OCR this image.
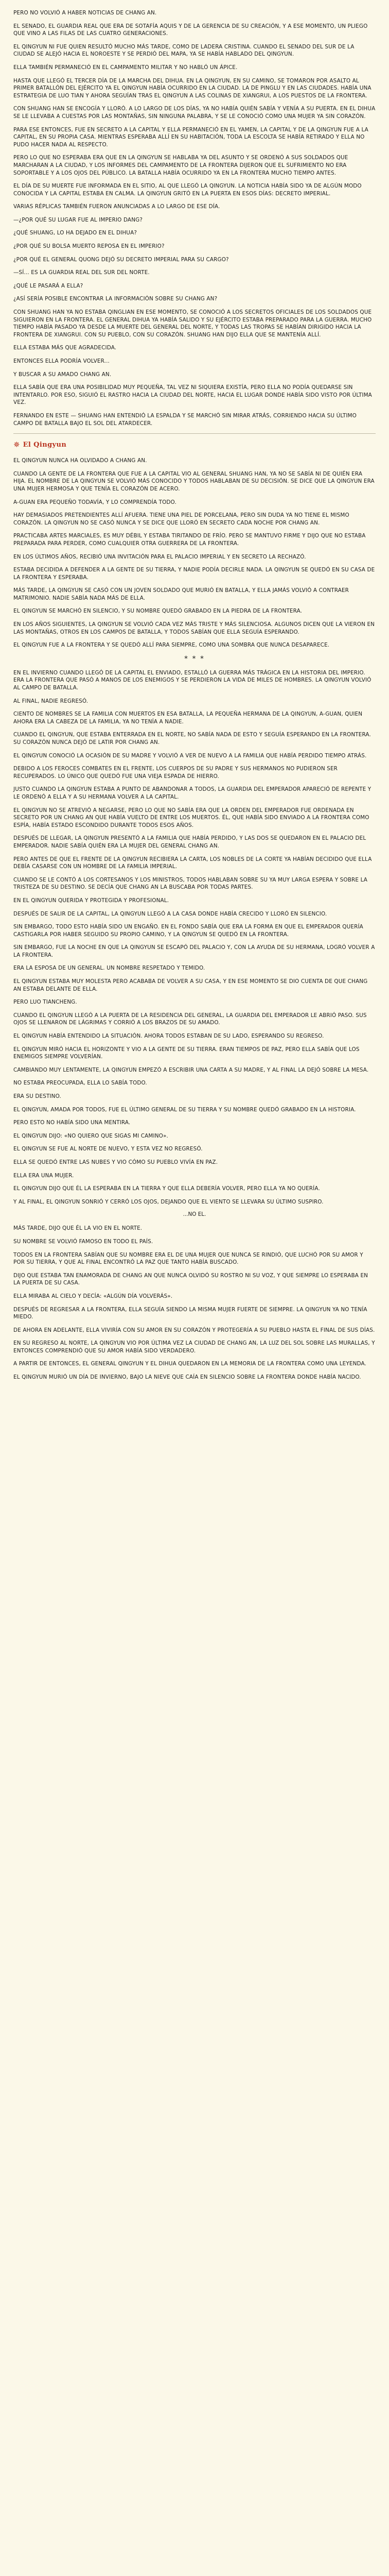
PERO NO VOLVIÓ A HABER NOTICIAS DE CHANG AN.

EL SENADO, EL GUARDIA REAL QUE ERA DE SOTAFÍA AQUIS Y DE LA GERENCIA DE SU CREACIÓN, Y A ESE MOMENTO, UN PLIEGO QUE VINO A LAS FILAS DE LAS CUATRO GENERACIONES.

EL QINGYUN NI FUE QUIEN RESULTÓ MUCHO MÁS TARDE, COMO DE LADERA CRISTINA. CUANDO EL SENADO DEL SUR DE LA CIUDAD SE ALEJÓ HACIA EL NOROESTE Y SE PERDIÓ DEL MAPA, YA SE HABÍA HABLADO DEL QINGYUN.

ELLA TAMBIÉN PERMANECIÓ EN EL CAMPAMENTO MILITAR Y NO HABLÓ UN ÁPICE.

HASTA QUE LLEGÓ EL TERCER DÍA DE LA MARCHA DEL DIHUA. EN LA QINGYUN, EN SU CAMINO, SE TOMARON POR ASALTO AL PRIMER BATALLÓN DEL EJÉRCITO YA EL QINGYUN HABÍA OCURRIDO EN LA CIUDAD. LA DE PINGLU Y EN LAS CIUDADES. HABÍA UNA ESTRATEGIA DE LUO TIAN Y AHORA SEGUÍAN TRAS EL QINGYUN A LAS COLINAS DE XIANGRUI, A LOS PUESTOS DE LA FRONTERA.

CON SHUANG HAN SE ENCOGÍA Y LLORÓ. A LO LARGO DE LOS DÍAS, YA NO HABÍA QUIÉN SABÍA Y VENÍA A SU PUERTA. EN EL DIHUA SE LE LLEVABA A CUESTAS POR LAS MONTAÑAS, SIN NINGUNA PALABRA, Y SE LE CONOCIÓ COMO UNA MUJER YA SIN CORAZÓN.

PARA ESE ENTONCES, FUE EN SECRETO A LA CAPITAL Y ELLA PERMANECIÓ EN EL YAMEN, LA CAPITAL Y DE LA QINGYUN FUE A LA CAPITAL, EN SU PROPIA CASA. MIENTRAS ESPERABA ALLÍ EN SU HABITACIÓN, TODA LA ESCOLTA SE HABÍA RETIRADO Y ELLA NO PUDO HACER NADA AL RESPECTO.

PERO LO QUE NO ESPERABA ERA QUE EN LA QINGYUN SE HABLABA YA DEL ASUNTO Y SE ORDENÓ A SUS SOLDADOS QUE MARCHARAN A LA CIUDAD, Y LOS INFORMES DEL CAMPAMENTO DE LA FRONTERA DIJERON QUE EL SUFRIMIENTO NO ERA SOPORTABLE Y A LOS OJOS DEL PÚBLICO. LA BATALLA HABÍA OCURRIDO YA EN LA FRONTERA MUCHO TIEMPO ANTES.

EL DÍA DE SU MUERTE FUE INFORMADA EN EL SITIO, AL QUE LLEGÓ LA QINGYUN. LA NOTICIA HABÍA SIDO YA DE ALGÚN MODO CONOCIDA Y LA CAPITAL ESTABA EN CALMA. LA QINGYUN GRITÓ EN LA PUERTA EN ESOS DÍAS: DECRETO IMPERIAL.

VARIAS RÉPLICAS TAMBIÉN FUERON ANUNCIADAS A LO LARGO DE ESE DÍA.

—¿POR QUÉ SU LUGAR FUE AL IMPERIO DANG?

¿QUÉ SHUANG, LO HA DEJADO EN EL DIHUA?

¿POR QUÉ SU BOLSA MUERTO REPOSA EN EL IMPERIO?

¿POR QUÉ EL GENERAL QUONG DEJÓ SU DECRETO IMPERIAL PARA SU CARGO?

—SÍ... ES LA GUARDIA REAL DEL SUR DEL NORTE.

¿QUÉ LE PASARÁ A ELLA?

¿ASÍ SERÍA POSIBLE ENCONTRAR LA INFORMACIÓN SOBRE SU CHANG AN?

CON SHUANG HAN YA NO ESTABA QINGLIAN EN ESE MOMENTO, SE CONOCIÓ A LOS SECRETOS OFICIALES DE LOS SOLDADOS QUE SIGUIERON EN LA FRONTERA. EL GENERAL DIHUA YA HABÍA SALIDO Y SU EJÉRCITO ESTABA PREPARADO PARA LA GUERRA. MUCHO TIEMPO HABÍA PASADO YA DESDE LA MUERTE DEL GENERAL DEL NORTE, Y TODAS LAS TROPAS SE HABÍAN DIRIGIDO HACIA LA FRONTERA DE XIANGRUI. CON SU PUEBLO, CON SU CORAZÓN. SHUANG HAN DIJO ELLA QUE SE MANTENÍA ALLÍ.

ELLA ESTABA MÁS QUE AGRADECIDA.

ENTONCES ELLA PODRÍA VOLVER...

Y BUSCAR A SU AMADO CHANG AN.

ELLA SABÍA QUE ERA UNA POSIBILIDAD MUY PEQUEÑA, TAL VEZ NI SIQUIERA EXISTÍA, PERO ELLA NO PODÍA QUEDARSE SIN INTENTARLO. POR ESO, SIGUIÓ EL RASTRO HACIA LA CIUDAD DEL NORTE, HACIA EL LUGAR DONDE HABÍA SIDO VISTO POR ÚLTIMA VEZ.

FERNANDO EN ESTE — SHUANG HAN ENTENDIÓ LA ESPALDA Y SE MARCHÓ SIN MIRAR ATRÁS, CORRIENDO HACIA SU ÚLTIMO CAMPO DE BATALLA BAJO EL SOL DEL ATARDECER.

✵ El Qingyun

EL QINGYUN NUNCA HA OLVIDADO A CHANG AN.

CUANDO LA GENTE DE LA FRONTERA QUE FUE A LA CAPITAL VIO AL GENERAL SHUANG HAN, YA NO SE SABÍA NI DE QUIÉN ERA HIJA. EL NOMBRE DE LA QINGYUN SE VOLVIÓ MÁS CONOCIDO Y TODOS HABLABAN DE SU DECISIÓN. SE DICE QUE LA QINGYUN ERA UNA MUJER HERMOSA Y QUE TENÍA EL CORAZÓN DE ACERO.

A-GUAN ERA PEQUEÑO TODAVÍA, Y LO COMPRENDÍA TODO.

HAY DEMASIADOS PRETENDIENTES ALLÍ AFUERA. TIENE UNA PIEL DE PORCELANA, PERO SIN DUDA YA NO TIENE EL MISMO CORAZÓN. LA QINGYUN NO SE CASÓ NUNCA Y SE DICE QUE LLORÓ EN SECRETO CADA NOCHE POR CHANG AN.

PRACTICABA ARTES MARCIALES, ES MUY DÉBIL Y ESTABA TIRITANDO DE FRÍO. PERO SE MANTUVO FIRME Y DIJO QUE NO ESTABA PREPARADA PARA PERDER, COMO CUALQUIER OTRA GUERRERA DE LA FRONTERA.

EN LOS ÚLTIMOS AÑOS, RECIBIÓ UNA INVITACIÓN PARA EL PALACIO IMPERIAL Y EN SECRETO LA RECHAZÓ.

ESTABA DECIDIDA A DEFENDER A LA GENTE DE SU TIERRA, Y NADIE PODÍA DECIRLE NADA. LA QINGYUN SE QUEDÓ EN SU CASA DE LA FRONTERA Y ESPERABA.

MÁS TARDE, LA QINGYUN SE CASÓ CON UN JOVEN SOLDADO QUE MURIÓ EN BATALLA, Y ELLA JAMÁS VOLVIÓ A CONTRAER MATRIMONIO. NADIE SABÍA NADA MÁS DE ELLA.

EL QINGYUN SE MARCHÓ EN SILENCIO, Y SU NOMBRE QUEDÓ GRABADO EN LA PIEDRA DE LA FRONTERA.

EN LOS AÑOS SIGUIENTES, LA QINGYUN SE VOLVIÓ CADA VEZ MÁS TRISTE Y MÁS SILENCIOSA. ALGUNOS DICEN QUE LA VIERON EN LAS MONTAÑAS, OTROS EN LOS CAMPOS DE BATALLA, Y TODOS SABÍAN QUE ELLA SEGUÍA ESPERANDO.

EL QINGYUN FUE A LA FRONTERA Y SE QUEDÓ ALLÍ PARA SIEMPRE, COMO UNA SOMBRA QUE NUNCA DESAPARECE.

* * *

EN EL INVIERNO CUANDO LLEGÓ DE LA CAPITAL EL ENVIADO, ESTALLÓ LA GUERRA MÁS TRÁGICA EN LA HISTORIA DEL IMPERIO. ERA LA FRONTERA QUE PASÓ A MANOS DE LOS ENEMIGOS Y SE PERDIERON LA VIDA DE MILES DE HOMBRES. LA QINGYUN VOLVIÓ AL CAMPO DE BATALLA.

AL FINAL, NADIE REGRESÓ.

CIENTO DE NOMBRES SE LA FAMILIA CON MUERTOS EN ESA BATALLA, LA PEQUEÑA HERMANA DE LA QINGYUN, A-GUAN, QUIEN AHORA ERA LA CABEZA DE LA FAMILIA, YA NO TENÍA A NADIE.

CUANDO EL QINGYUN, QUE ESTABA ENTERRADA EN EL NORTE, NO SABÍA NADA DE ESTO Y SEGUÍA ESPERANDO EN LA FRONTERA. SU CORAZÓN NUNCA DEJÓ DE LATIR POR CHANG AN.

EL QINGYUN CONOCIÓ LA OCASIÓN DE SU MADRE Y VOLVIÓ A VER DE NUEVO A LA FAMILIA QUE HABÍA PERDIDO TIEMPO ATRÁS.

DEBIDO A LOS FEROCES COMBATES EN EL FRENTE, LOS CUERPOS DE SU PADRE Y SUS HERMANOS NO PUDIERON SER RECUPERADOS. LO ÚNICO QUE QUEDÓ FUE UNA VIEJA ESPADA DE HIERRO.

JUSTO CUANDO LA QINGYUN ESTABA A PUNTO DE ABANDONAR A TODOS, LA GUARDIA DEL EMPERADOR APARECIÓ DE REPENTE Y LE ORDENÓ A ELLA Y A SU HERMANA VOLVER A LA CAPITAL.

EL QINGYUN NO SE ATREVIÓ A NEGARSE, PERO LO QUE NO SABÍA ERA QUE LA ORDEN DEL EMPERADOR FUE ORDENADA EN SECRETO POR UN CHANG AN QUE HABÍA VUELTO DE ENTRE LOS MUERTOS. ÉL, QUE HABÍA SIDO ENVIADO A LA FRONTERA COMO ESPÍA, HABÍA ESTADO ESCONDIDO DURANTE TODOS ESOS AÑOS.

DESPUÉS DE LLEGAR, LA QINGYUN PRESENTÓ A LA FAMILIA QUE HABÍA PERDIDO, Y LAS DOS SE QUEDARON EN EL PALACIO DEL EMPERADOR. NADIE SABÍA QUIÉN ERA LA MUJER DEL GENERAL CHANG AN.

PERO ANTES DE QUE EL FRENTE DE LA QINGYUN RECIBIERA LA CARTA, LOS NOBLES DE LA CORTE YA HABÍAN DECIDIDO QUE ELLA DEBÍA CASARSE CON UN HOMBRE DE LA FAMILIA IMPERIAL.

CUANDO SE LE CONTÓ A LOS CORTESANOS Y LOS MINISTROS, TODOS HABLABAN SOBRE SU YA MUY LARGA ESPERA Y SOBRE LA TRISTEZA DE SU DESTINO. SE DECÍA QUE CHANG AN LA BUSCABA POR TODAS PARTES.

EN EL QINGYUN QUERIDA Y PROTEGIDA Y PROFESIONAL.

DESPUÉS DE SALIR DE LA CAPITAL, LA QINGYUN LLEGÓ A LA CASA DONDE HABÍA CRECIDO Y LLORÓ EN SILENCIO.

SIN EMBARGO, TODO ESTO HABÍA SIDO UN ENGAÑO. EN EL FONDO SABÍA QUE ERA LA FORMA EN QUE EL EMPERADOR QUERÍA CASTIGARLA POR HABER SEGUIDO SU PROPIO CAMINO, Y LA QINGYUN SE QUEDÓ EN LA FRONTERA.

SIN EMBARGO, FUE LA NOCHE EN QUE LA QINGYUN SE ESCAPÓ DEL PALACIO Y, CON LA AYUDA DE SU HERMANA, LOGRÓ VOLVER A LA FRONTERA.

ERA LA ESPOSA DE UN GENERAL. UN NOMBRE RESPETADO Y TEMIDO.

EL QINGYUN ESTABA MUY MOLESTA PERO ACABABA DE VOLVER A SU CASA, Y EN ESE MOMENTO SE DIO CUENTA DE QUE CHANG AN ESTABA DELANTE DE ELLA.

PERO LUO TIANCHENG.

CUANDO EL QINGYUN LLEGÓ A LA PUERTA DE LA RESIDENCIA DEL GENERAL, LA GUARDIA DEL EMPERADOR LE ABRIÓ PASO. SUS OJOS SE LLENARON DE LÁGRIMAS Y CORRIÓ A LOS BRAZOS DE SU AMADO.

EL QINGYUN HABÍA ENTENDIDO LA SITUACIÓN. AHORA TODOS ESTABAN DE SU LADO, ESPERANDO SU REGRESO.

EL QINGYUN MIRÓ HACIA EL HORIZONTE Y VIO A LA GENTE DE SU TIERRA. ERAN TIEMPOS DE PAZ, PERO ELLA SABÍA QUE LOS ENEMIGOS SIEMPRE VOLVERÍAN.

CAMBIANDO MUY LENTAMENTE, LA QINGYUN EMPEZÓ A ESCRIBIR UNA CARTA A SU MADRE, Y AL FINAL LA DEJÓ SOBRE LA MESA.

NO ESTABA PREOCUPADA, ELLA LO SABÍA TODO.

ERA SU DESTINO.

EL QINGYUN, AMADA POR TODOS, FUE EL ÚLTIMO GENERAL DE SU TIERRA Y SU NOMBRE QUEDÓ GRABADO EN LA HISTORIA.

PERO ESTO NO HABÍA SIDO UNA MENTIRA.

EL QINGYUN DIJO: «NO QUIERO QUE SIGAS MI CAMINO».

EL QINGYUN SE FUE AL NORTE DE NUEVO, Y ESTA VEZ NO REGRESÓ.

ELLA SE QUEDÓ ENTRE LAS NUBES Y VIO CÓMO SU PUEBLO VIVÍA EN PAZ.

ELLA ERA UNA MUJER.

EL QINGYUN DIJO QUE ÉL LA ESPERABA EN LA TIERRA Y QUE ELLA DEBERÍA VOLVER, PERO ELLA YA NO QUERÍA.

Y AL FINAL, EL QINGYUN SONRIÓ Y CERRÓ LOS OJOS, DEJANDO QUE EL VIENTO SE LLEVARA SU ÚLTIMO SUSPIRO.

...NO EL.

MÁS TARDE, DIJO QUE ÉL LA VIO EN EL NORTE.

SU NOMBRE SE VOLVIÓ FAMOSO EN TODO EL PAÍS.

TODOS EN LA FRONTERA SABÍAN QUE SU NOMBRE ERA EL DE UNA MUJER QUE NUNCA SE RINDIÓ, QUE LUCHÓ POR SU AMOR Y POR SU TIERRA, Y QUE AL FINAL ENCONTRÓ LA PAZ QUE TANTO HABÍA BUSCADO.

DIJO QUE ESTABA TAN ENAMORADA DE CHANG AN QUE NUNCA OLVIDÓ SU ROSTRO NI SU VOZ, Y QUE SIEMPRE LO ESPERABA EN LA PUERTA DE SU CASA.

ELLA MIRABA AL CIELO Y DECÍA: «ALGÚN DÍA VOLVERÁS».

DESPUÉS DE REGRESAR A LA FRONTERA, ELLA SEGUÍA SIENDO LA MISMA MUJER FUERTE DE SIEMPRE. LA QINGYUN YA NO TENÍA MIEDO.

DE AHORA EN ADELANTE, ELLA VIVIRÍA CON SU AMOR EN SU CORAZÓN Y PROTEGERÍA A SU PUEBLO HASTA EL FINAL DE SUS DÍAS.

EN SU REGRESO AL NORTE, LA QINGYUN VIO POR ÚLTIMA VEZ LA CIUDAD DE CHANG AN, LA LUZ DEL SOL SOBRE LAS MURALLAS, Y ENTONCES COMPRENDIÓ QUE SU AMOR HABÍA SIDO VERDADERO.

A PARTIR DE ENTONCES, EL GENERAL QINGYUN Y EL DIHUA QUEDARON EN LA MEMORIA DE LA FRONTERA COMO UNA LEYENDA.

EL QINGYUN MURIÓ UN DÍA DE INVIERNO, BAJO LA NIEVE QUE CAÍA EN SILENCIO SOBRE LA FRONTERA DONDE HABÍA NACIDO.
